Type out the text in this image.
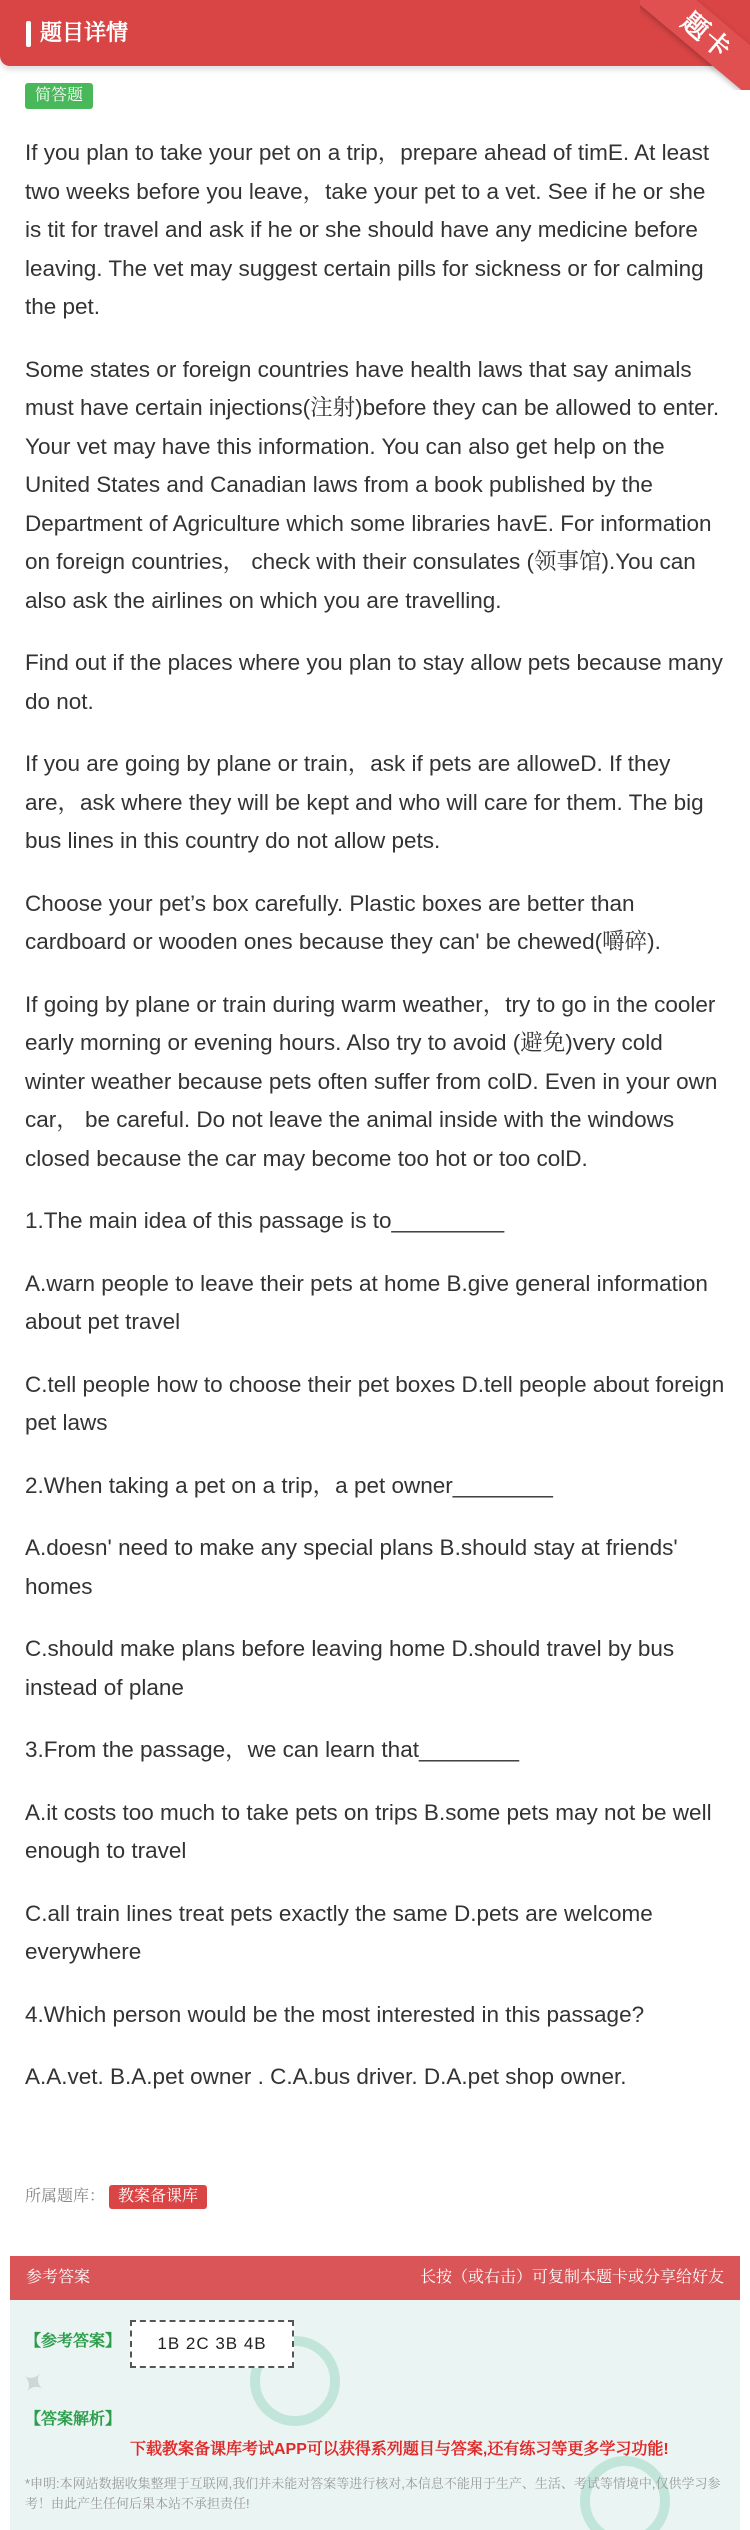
题目详情	题卡
简答题

If you plan to take your pet on a trip，prepare ahead of timE. At least two weeks before you leave，take your pet to a vet. See if he or she is tit for travel and ask if he or she should have any medicine before leaving. The vet may suggest certain pills for sickness or for calming the pet.

Some states or foreign countries have health laws that say animals must have certain injections(注射)before they can be allowed to enter. Your vet may have this information. You can also get help on the United States and Canadian laws from a book published by the Department of Agriculture which some libraries havE. For information on foreign countries， check with their consulates (领事馆).You can also ask the airlines on which you are travelling.

Find out if the places where you plan to stay allow pets because many do not.

If you are going by plane or train，ask if pets are alloweD. If they are，ask where they will be kept and who will care for them. The big bus lines in this country do not allow pets.

Choose your pet’s box carefully. Plastic boxes are better than cardboard or wooden ones because they can' be chewed(嚼碎).

If going by plane or train during warm weather，try to go in the cooler early morning or evening hours. Also try to avoid (避免)very cold winter weather because pets often suffer from colD. Even in your own car， be careful. Do not leave the animal inside with the windows closed because the car may become too hot or too colD.

1.The main idea of this passage is to_________

A.warn people to leave their pets at home B.give general information about pet travel

C.tell people how to choose their pet boxes D.tell people about foreign pet laws

2.When taking a pet on a trip，a pet owner________

A.doesn' need to make any special plans B.should stay at friends' homes

C.should make plans before leaving home D.should travel by bus instead of plane

3.From the passage，we can learn that________

A.it costs too much to take pets on trips B.some pets may not be well enough to travel

C.all train lines treat pets exactly the same D.pets are welcome everywhere

4.Which person would be the most interested in this passage?

A.A.vet. B.A.pet owner . C.A.bus driver. D.A.pet shop owner.

所属题库： 教案备课库
参考答案	长按（或右击）可复制本题卡或分享给好友
✦
【参考答案】	1B 2C 3B 4B
【答案解析】
下载教案备课库考试APP可以获得系列题目与答案,还有练习等更多学习功能!
*申明:本网站数据收集整理于互联网,我们并未能对答案等进行核对,本信息不能用于生产、生活、考试等情境中,仅供学习参考！由此产生任何后果本站不承担责任!
